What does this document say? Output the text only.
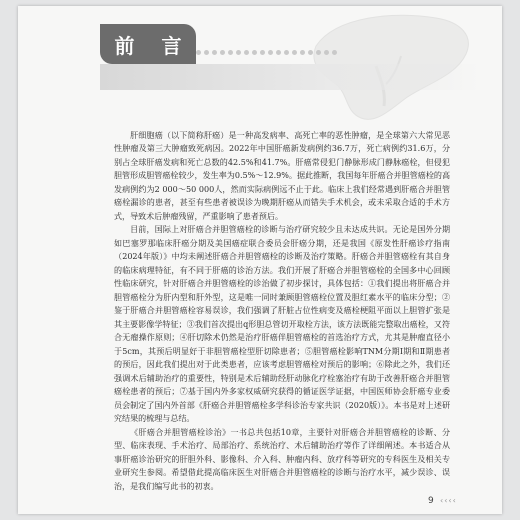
前 言

肝细胞癌（以下简称肝癌）是一种高发病率、高死亡率的恶性肿瘤，是全球第六大常见恶性肿瘤及第三大肿瘤致死病因。2022年中国肝癌新发病例约36.7万，死亡病例约31.6万，分别占全球肝癌发病和死亡总数的42.5%和41.7%。肝癌常侵犯门静脉形成门静脉癌栓，但侵犯胆管形成胆管癌栓较少，发生率为0.5%～12.9%。据此推断，我国每年肝癌合并胆管癌栓的高发病例约为2 000～50 000人，然而实际病例远不止于此。临床上我们经常遇到肝癌合并胆管癌栓漏诊的患者，甚至有些患者被误诊为晚期肝癌从而错失手术机会，或未采取合适的手术方式，导致术后肿瘤残留，严重影响了患者预后。

目前，国际上对肝癌合并胆管癌栓的诊断与治疗研究较少且未达成共识。无论是国外分期如巴塞罗那临床肝癌分期及美国癌症联合委员会肝癌分期，还是我国《原发性肝癌诊疗指南（2024年版）》中均未阐述肝癌合并胆管癌栓的诊断及治疗策略。肝癌合并胆管癌栓有其自身的临床病理特征，有不同于肝癌的诊治方法。我们开展了肝癌合并胆管癌栓的全国多中心回顾性临床研究，针对肝癌合并胆管癌栓的诊治做了初步探讨，具体包括：①我们提出将肝癌合并胆管癌栓分为肝内型和肝外型，这是唯一同时兼顾胆管癌栓位置及胆红素水平的临床分型；②鉴于肝癌合并胆管癌栓容易误诊，我们强调了肝脏占位性病变及癌栓梗阻平面以上胆管扩张是其主要影像学特征；③我们首次提出q形胆总管切开取栓方法，该方法既能完整取出癌栓，又符合无瘤操作原则；④肝切除术仍然是治疗肝癌伴胆管癌栓的首选治疗方式，尤其是肿瘤直径小于5cm，其预后明显好于非胆管癌栓型肝切除患者；⑤胆管癌栓影响TNM分期Ⅰ期和Ⅱ期患者的预后，因此我们提出对于此类患者，应该考虑胆管癌栓对预后的影响；⑥除此之外，我们还强调术后辅助治疗的重要性，特别是术后辅助经肝动脉化疗栓塞治疗有助于改善肝癌合并胆管癌栓患者的预后；⑦基于国内外多家权威研究获得的循证医学证据，中国医师协会肝癌专业委员会制定了国内外首部《肝癌合并胆管癌栓多学科诊治专家共识（2020版）》。本书是对上述研究结果的梳理与总结。

《肝癌合并胆管癌栓诊治》一书总共包括10章，主要针对肝癌合并胆管癌栓的诊断、分型、临床表现、手术治疗、局部治疗、系统治疗、术后辅助治疗等作了详细阐述。本书适合从事肝癌诊治研究的肝胆外科、影像科、介入科、肿瘤内科、放疗科等研究的专科医生及相关专业研究生参阅。希望借此提高临床医生对肝癌合并胆管癌栓的诊断与治疗水平，减少误诊、误治，是我们编写此书的初衷。

9 ‹‹‹‹
